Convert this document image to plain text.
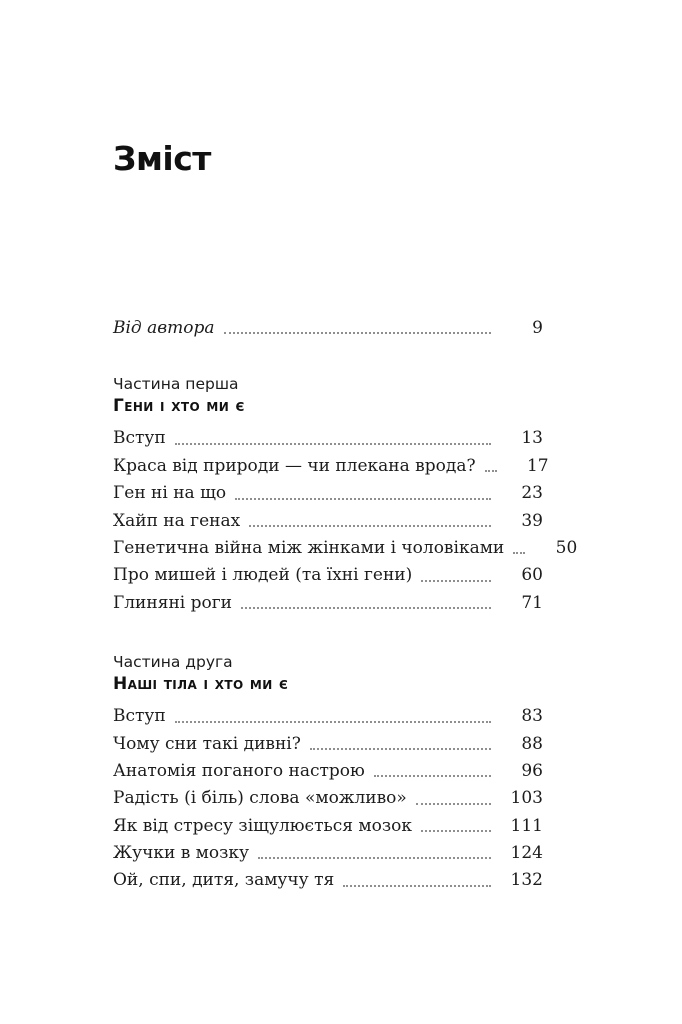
Зміст
Від автора	9
Частина перша
Гени і хто ми є
Вступ	13
Краса від природи — чи плекана врода?	17
Ген ні на що	23
Хайп на генах	39
Генетична війна між жінками і чоловіками	50
Про мишей і людей (та їхні гени)	60
Глиняні роги	71
Частина друга
Наші тіла і хто ми є
Вступ	83
Чому сни такі дивні?	88
Анатомія поганого настрою	96
Радість (і біль) слова «можливо»	103
Як від стресу зіщулюється мозок	111
Жучки в мозку	124
Ой, спи, дитя, замучу тя	132
